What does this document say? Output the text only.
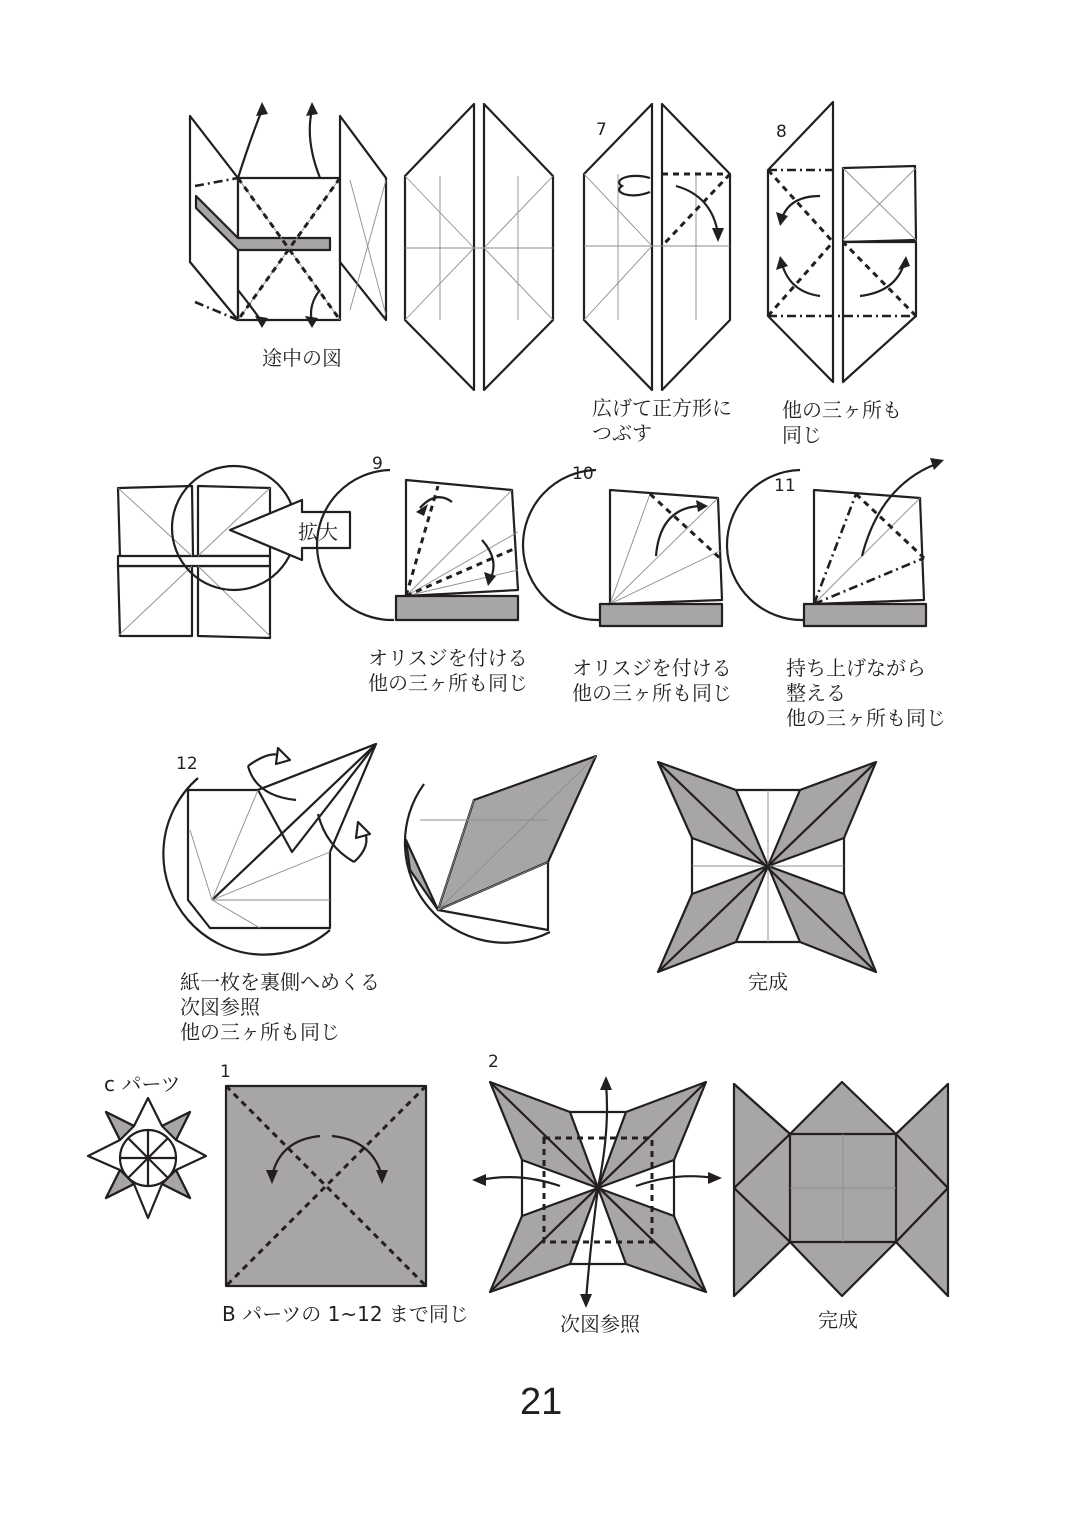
7	8
9	10
11
12
1	2
拡大
途中の図
広げて正方形に
つぶす
他の三ヶ所も
同じ
オリスジを付ける
他の三ヶ所も同じ
オリスジを付ける
他の三ヶ所も同じ
持ち上げながら
整える
他の三ヶ所も同じ
紙一枚を裏側へめくる
次図参照
他の三ヶ所も同じ
完成
c パーツ
B パーツの 1~12 まで同じ	次図参照	完成
21
